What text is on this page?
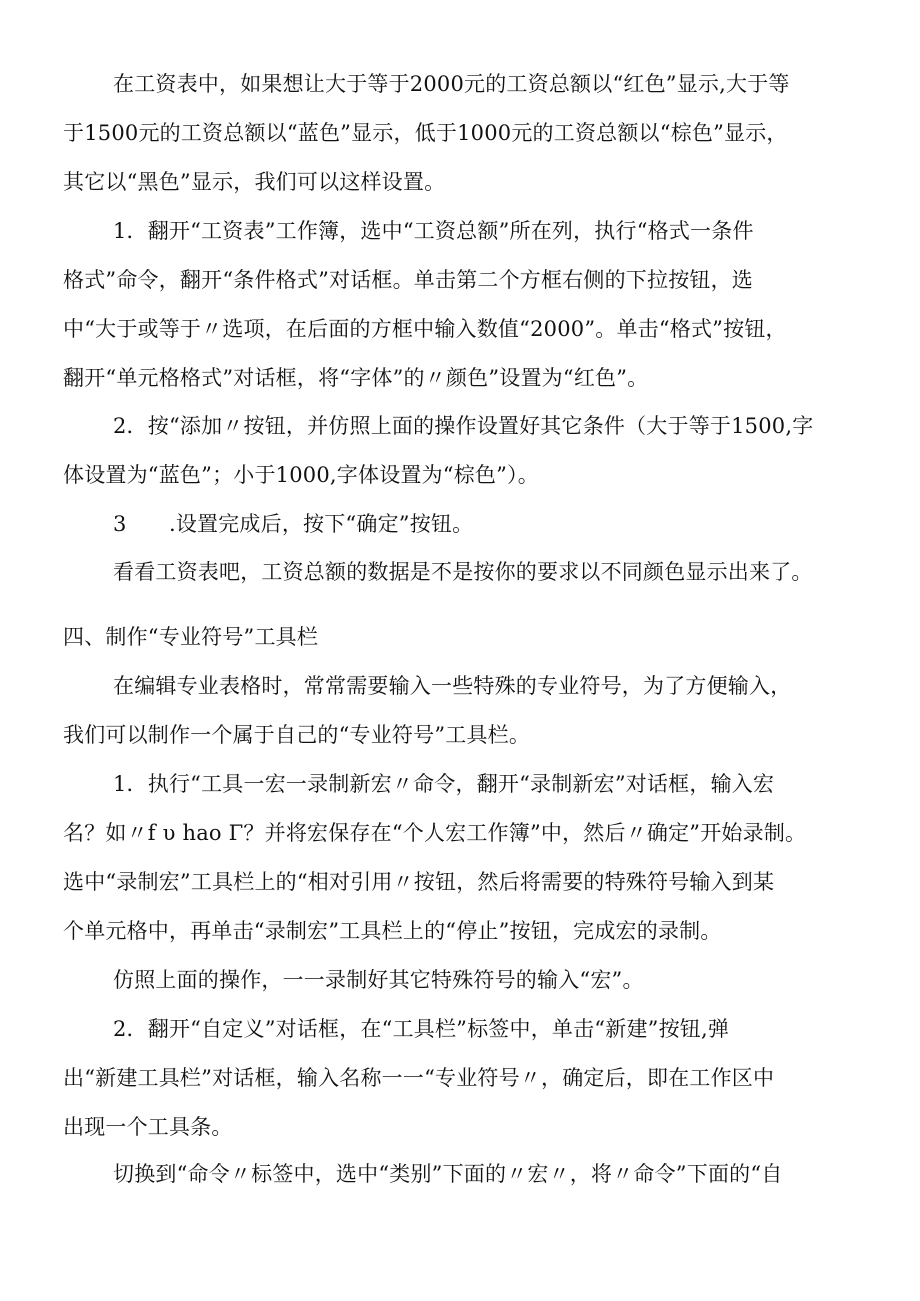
在工资表中，如果想让大于等于2000元的工资总额以“红色”显示,大于等
于1500元的工资总额以“蓝色”显示，低于1000元的工资总额以“棕色”显示，
其它以“黑色”显示，我们可以这样设置。
1．翻开“工资表”工作簿，选中“工资总额”所在列，执行“格式一条件
格式”命令，翻开“条件格式”对话框。单击第二个方框右侧的下拉按钮，选
中“大于或等于〃选项，在后面的方框中输入数值“2000”。单击“格式”按钮，
翻开“单元格格式”对话框，将“字体”的〃颜色”设置为“红色”。
2．按“添加〃按钮，并仿照上面的操作设置好其它条件（大于等于1500,字
体设置为“蓝色”；小于1000,字体设置为“棕色”）。
3　　.设置完成后，按下“确定”按钮。
看看工资表吧，工资总额的数据是不是按你的要求以不同颜色显示出来了。
四、制作“专业符号”工具栏
在编辑专业表格时，常常需要输入一些特殊的专业符号，为了方便输入，
我们可以制作一个属于自己的“专业符号”工具栏。
1．执行“工具一宏一录制新宏〃命令，翻开“录制新宏”对话框，输入宏
名？如〃f υ hao Γ？并将宏保存在“个人宏工作簿”中，然后〃确定”开始录制。
选中“录制宏”工具栏上的“相对引用〃按钮，然后将需要的特殊符号输入到某
个单元格中，再单击“录制宏”工具栏上的“停止”按钮，完成宏的录制。
仿照上面的操作，一一录制好其它特殊符号的输入“宏”。
2．翻开“自定义”对话框，在“工具栏”标签中，单击“新建”按钮,弹
出“新建工具栏”对话框，输入名称一一“专业符号〃，确定后，即在工作区中
出现一个工具条。
切换到“命令〃标签中，选中“类别”下面的〃宏〃，将〃命令”下面的“自
